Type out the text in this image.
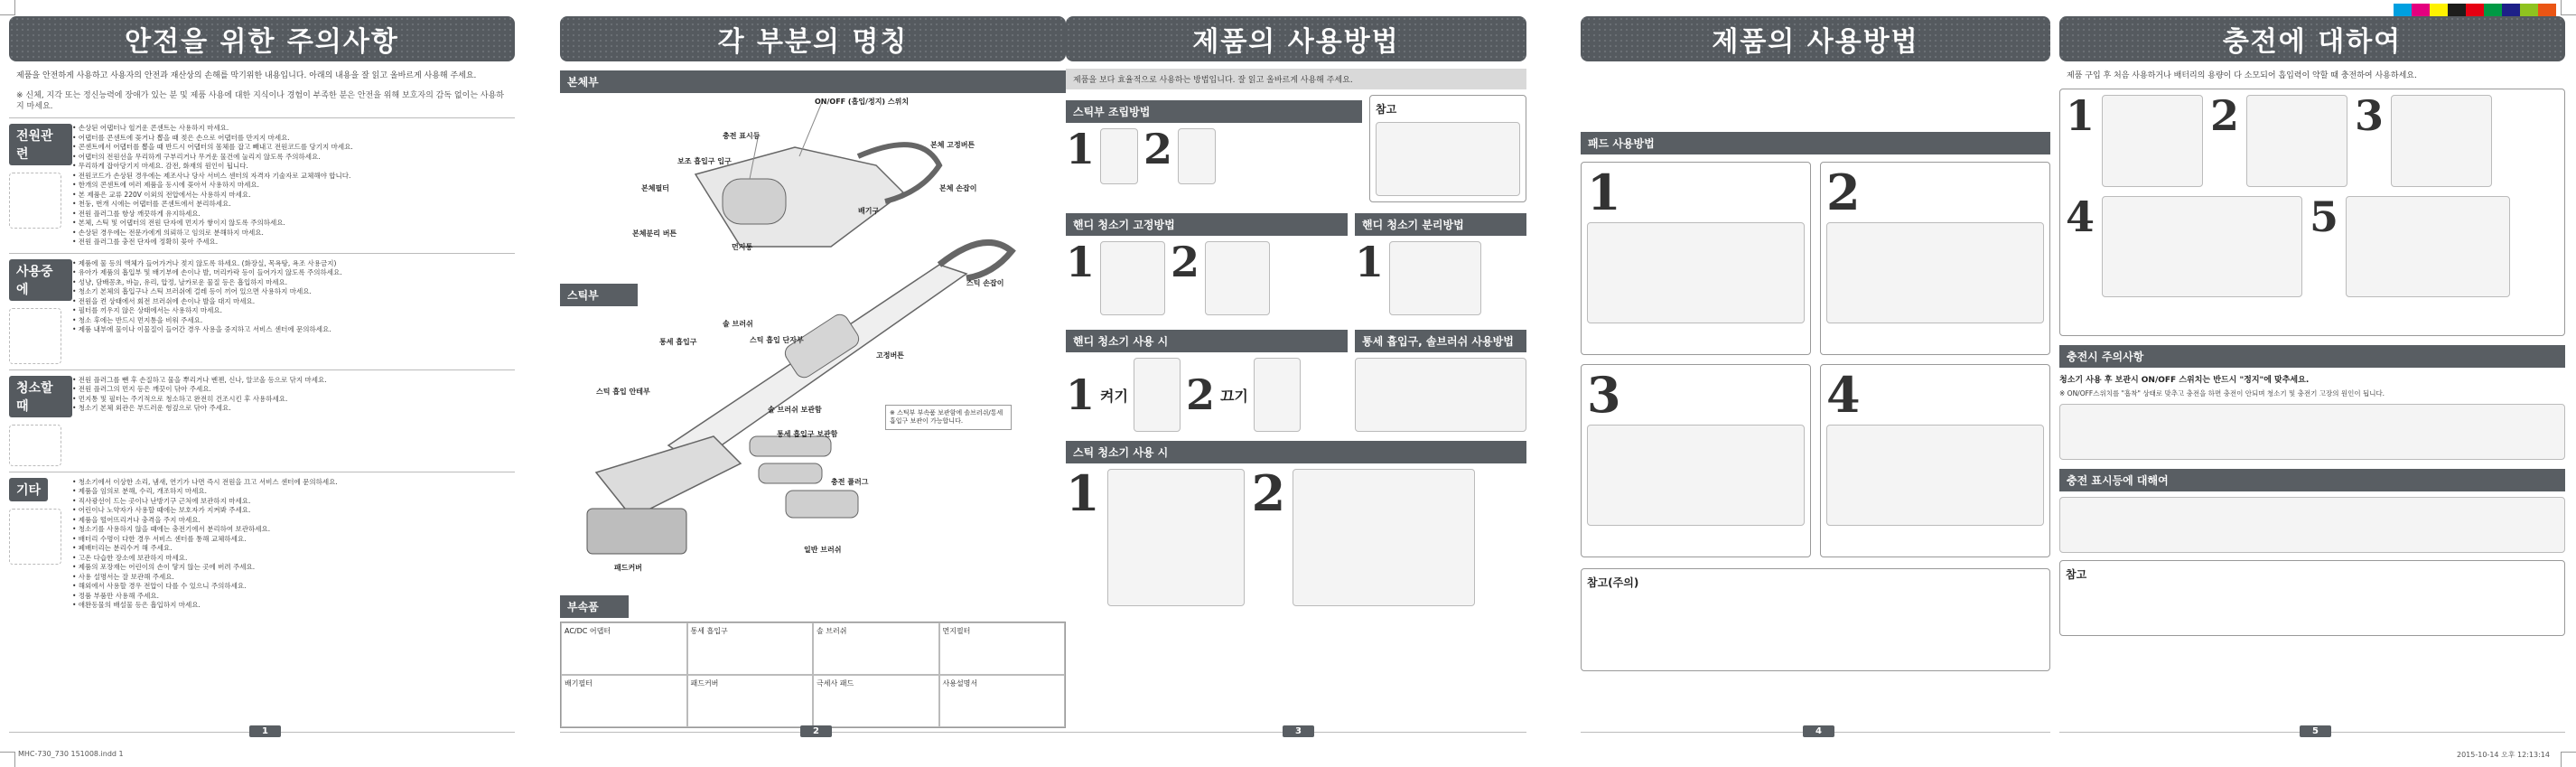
안전을 위한 주의사항
제품을 안전하게 사용하고 사용자의 안전과 재산상의 손해를 막기위한 내용입니다. 아래의 내용을 잘 읽고 올바르게 사용해 주세요.
※ 신체, 지각 또는 정신능력에 장애가 있는 분 및 제품 사용에 대한 지식이나 경험이 부족한 분은 안전을 위해 보호자의 감독 없이는 사용하지 마세요.
전원관련
• 손상된 어댑터나 헐거운 콘센트는 사용하지 마세요.
• 어댑터를 콘센트에 꽂거나 뽑을 때 젖은 손으로 어댑터를 만지지 마세요.
• 콘센트에서 어댑터를 뽑을 때 반드시 어댑터의 몸체를 잡고 빼내고 전원코드를 당기지 마세요.
• 어댑터의 전원선을 무리하게 구부리거나 무거운 물건에 눌리지 않도록 주의하세요.
• 무리하게 잡아당기지 마세요. 감전, 화재의 원인이 됩니다.
• 전원코드가 손상된 경우에는 제조사나 당사 서비스 센터의 자격자 기술자로 교체해야 합니다.
• 한개의 콘센트에 여러 제품을 동시에 꽂아서 사용하지 마세요.
• 본 제품은 교류 220V 이외의 전압에서는 사용하지 마세요.
• 천둥, 번개 시에는 어댑터를 콘센트에서 분리하세요.
• 전원 플러그를 항상 깨끗하게 유지하세요.
• 본체, 스틱 및 어댑터의 전원 단자에 먼지가 쌓이지 않도록 주의하세요.
• 손상된 경우에는 전문가에게 의뢰하고 임의로 분해하지 마세요.
• 전원 플러그를 충전 단자에 정확히 꽂아 주세요.
사용중에
• 제품에 물 등의 액체가 들어가거나 젖지 않도록 하세요. (화장실, 목욕탕, 욕조 사용금지)
• 유아가 제품의 흡입부 및 배기부에 손이나 발, 머리카락 등이 들어가지 않도록 주의하세요.
• 성냥, 담배꽁초, 바늘, 유리, 압정, 날카로운 물질 등은 흡입하지 마세요.
• 청소기 본체의 흡입구나 스틱 브러쉬에 걸레 등이 끼어 있으면 사용하지 마세요.
• 전원을 켠 상태에서 회전 브러쉬에 손이나 발을 대지 마세요.
• 필터를 끼우지 않은 상태에서는 사용하지 마세요.
• 청소 후에는 반드시 먼지통을 비워 주세요.
• 제품 내부에 물이나 이물질이 들어간 경우 사용을 중지하고 서비스 센터에 문의하세요.
청소할 때
• 전원 플러그를 뺀 후 손질하고 물을 뿌리거나 벤젠, 신나, 알코올 등으로 닦지 마세요.
• 전원 플러그의 먼지 등은 깨끗이 닦아 주세요.
• 먼지통 및 필터는 주기적으로 청소하고 완전히 건조시킨 후 사용하세요.
• 청소기 본체 외관은 부드러운 헝겊으로 닦아 주세요.
기타
• 청소기에서 이상한 소리, 냄새, 연기가 나면 즉시 전원을 끄고 서비스 센터에 문의하세요.
• 제품을 임의로 분해, 수리, 개조하지 마세요.
• 직사광선이 드는 곳이나 난방기구 근처에 보관하지 마세요.
• 어린이나 노약자가 사용할 때에는 보호자가 지켜봐 주세요.
• 제품을 떨어뜨리거나 충격을 주지 마세요.
• 청소기를 사용하지 않을 때에는 충전기에서 분리하여 보관하세요.
• 배터리 수명이 다한 경우 서비스 센터를 통해 교체하세요.
• 폐배터리는 분리수거 해 주세요.
• 고온 다습한 장소에 보관하지 마세요.
• 제품의 포장재는 어린이의 손이 닿지 않는 곳에 버려 주세요.
• 사용 설명서는 잘 보관해 주세요.
• 해외에서 사용할 경우 전압이 다를 수 있으니 주의하세요.
• 정품 부품만 사용해 주세요.
• 애완동물의 배설물 등은 흡입하지 마세요.
1
각 부분의 명칭
본체부
ON/OFF (흡입/정지) 스위치
충전 표시등
보조 흡입구 입구
본체 고정버튼
본체 손잡이
본체필터
배기구
본체분리 버튼
먼지통
스틱 손잡이
스틱부
솔 브러쉬
스틱 흡입 단자부
통세 흡입구
고정버튼
스틱 흡입 안테부
솔 브러쉬 보관함
통세 흡입구 보관함
충전 플러그
패드커버
일반 브러쉬
※ 스틱부 부속품 보관함에 솔브러쉬/통세흡입구 보관이 가능합니다.
부속품
AC/DC 어댑터	통세 흡입구	솔 브러쉬	먼지필터
배기필터	패드커버	극세사 패드	사용설명서
2
제품의 사용방법
제품을 보다 효율적으로 사용하는 방법입니다. 잘 읽고 올바르게 사용해 주세요.
스틱부 조립방법
1 2
참고
핸디 청소기 고정방법
1 2
핸디 청소기 분리방법
1
핸디 청소기 사용 시
1 켜기 2 끄기
통세 흡입구, 솔브러쉬 사용방법
스틱 청소기 사용 시
1	2
3
제품의 사용방법
패드 사용방법
1	2
3	4
참고(주의)
4
충전에 대하여
제품 구입 후 처음 사용하거나 배터리의 용량이 다 소모되어 흡입력이 약할 때 충전하여 사용하세요.
1	2	3
4	5
충전시 주의사항
청소기 사용 후 보관시 ON/OFF 스위치는 반드시 "정지"에 맞추세요.
※ ON/OFF스위치를 "흡착" 상태로 맞추고 충전을 하면 충전이 안되며 청소기 및 충전기 고장의 원인이 됩니다.
충전 표시등에 대해여
참고
5
MHC-730_730 151008.indd 1	2015-10-14 오후 12:13:14
